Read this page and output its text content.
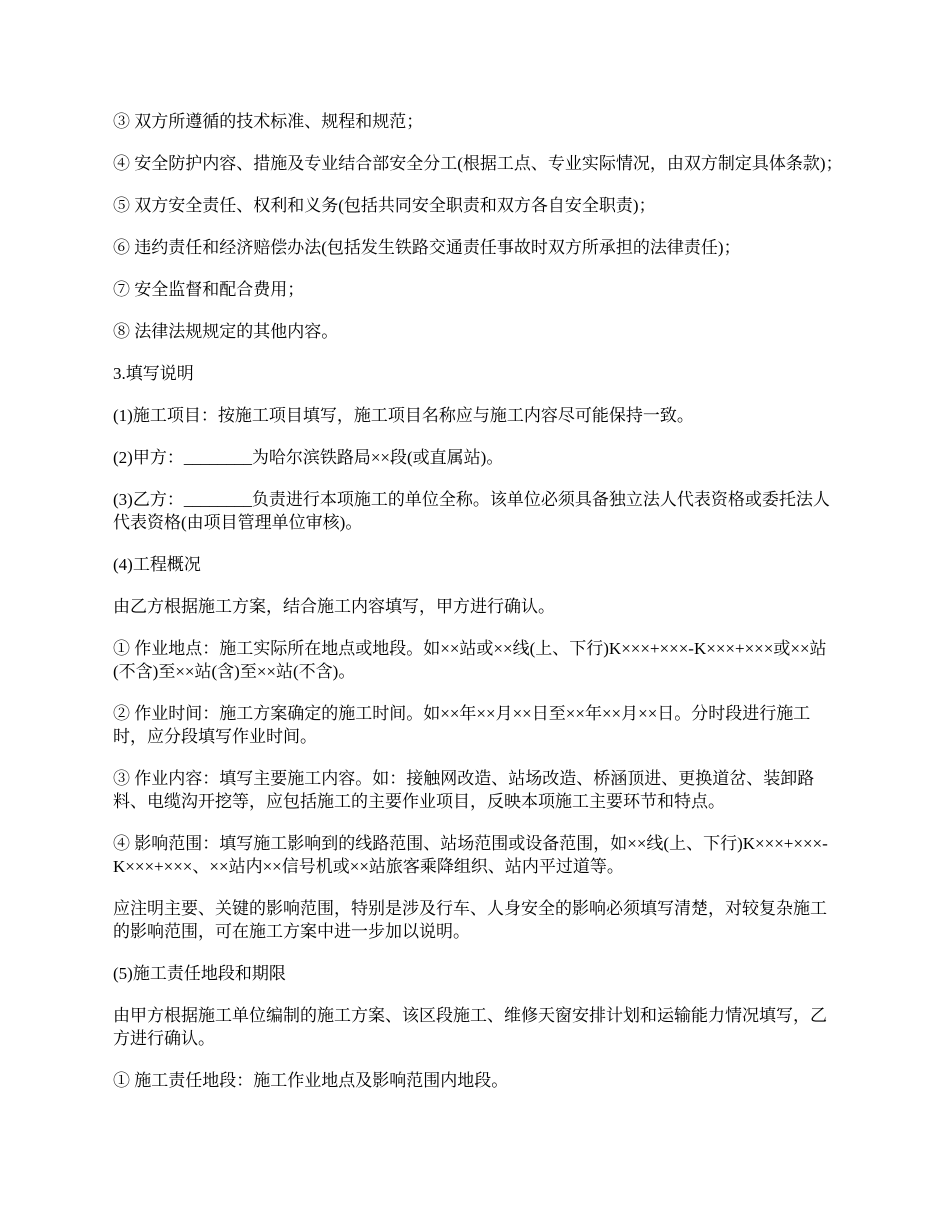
③ 双方所遵循的技术标准、规程和规范；

④ 安全防护内容、措施及专业结合部安全分工(根据工点、专业实际情况，由双方制定具体条款)；

⑤ 双方安全责任、权利和义务(包括共同安全职责和双方各自安全职责)；

⑥ 违约责任和经济赔偿办法(包括发生铁路交通责任事故时双方所承担的法律责任)；

⑦ 安全监督和配合费用；

⑧ 法律法规规定的其他内容。

3.填写说明

(1)施工项目：按施工项目填写，施工项目名称应与施工内容尽可能保持一致。

(2)甲方：________为哈尔滨铁路局××段(或直属站)。

(3)乙方：________负责进行本项施工的单位全称。该单位必须具备独立法人代表资格或委托法人代表资格(由项目管理单位审核)。

(4)工程概况

由乙方根据施工方案，结合施工内容填写，甲方进行确认。

① 作业地点：施工实际所在地点或地段。如××站或××线(上、下行)K×××+×××-K×××+×××或××站(不含)至××站(含)至××站(不含)。

② 作业时间：施工方案确定的施工时间。如××年××月××日至××年××月××日。分时段进行施工时，应分段填写作业时间。

③ 作业内容：填写主要施工内容。如：接触网改造、站场改造、桥涵顶进、更换道岔、装卸路料、电缆沟开挖等，应包括施工的主要作业项目，反映本项施工主要环节和特点。

④ 影响范围：填写施工影响到的线路范围、站场范围或设备范围，如××线(上、下行)K×××+×××-K×××+×××、××站内××信号机或××站旅客乘降组织、站内平过道等。

应注明主要、关键的影响范围，特别是涉及行车、人身安全的影响必须填写清楚，对较复杂施工的影响范围，可在施工方案中进一步加以说明。

(5)施工责任地段和期限

由甲方根据施工单位编制的施工方案、该区段施工、维修天窗安排计划和运输能力情况填写，乙方进行确认。

① 施工责任地段：施工作业地点及影响范围内地段。
